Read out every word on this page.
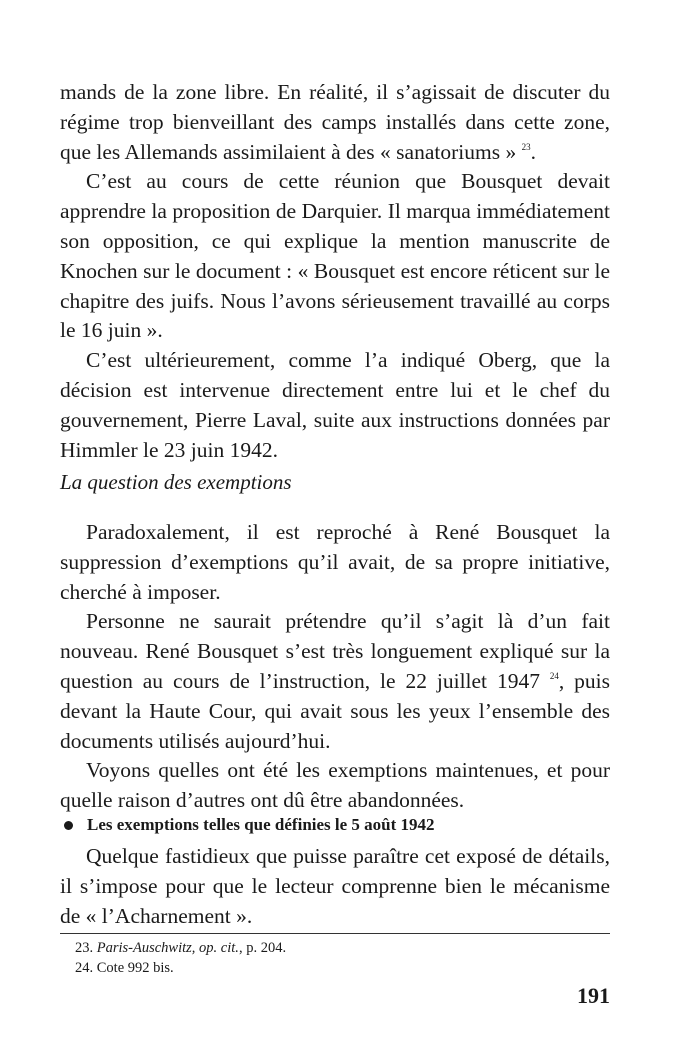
mands de la zone libre. En réalité, il s’agissait de discuter du régime trop bienveillant des camps installés dans cette zone, que les Allemands assimilaient à des « sanatoriums » $^{23}$.

C’est au cours de cette réunion que Bousquet devait apprendre la proposition de Darquier. Il marqua immédiatement son opposition, ce qui explique la mention manuscrite de Knochen sur le document : « Bousquet est encore réticent sur le chapitre des juifs. Nous l’avons sérieusement travaillé au corps le 16 juin ».

C’est ultérieurement, comme l’a indiqué Oberg, que la décision est intervenue directement entre lui et le chef du gouvernement, Pierre Laval, suite aux instructions données par Himmler le 23 juin 1942.

La question des exemptions

Paradoxalement, il est reproché à René Bousquet la suppression d’exemptions qu’il avait, de sa propre initiative, cherché à imposer.

Personne ne saurait prétendre qu’il s’agit là d’un fait nouveau. René Bousquet s’est très longuement expliqué sur la question au cours de l’instruction, le 22 juillet 1947 $^{24}$, puis devant la Haute Cour, qui avait sous les yeux l’ensemble des documents utilisés aujourd’hui.

Voyons quelles ont été les exemptions maintenues, et pour quelle raison d’autres ont dû être abandonnées.

Les exemptions telles que définies le 5 août 1942

Quelque fastidieux que puisse paraître cet exposé de détails, il s’impose pour que le lecteur comprenne bien le mécanisme de « l’Acharnement ».

23. Paris-Auschwitz, op. cit., p. 204.

24. Cote 992 bis.

191
